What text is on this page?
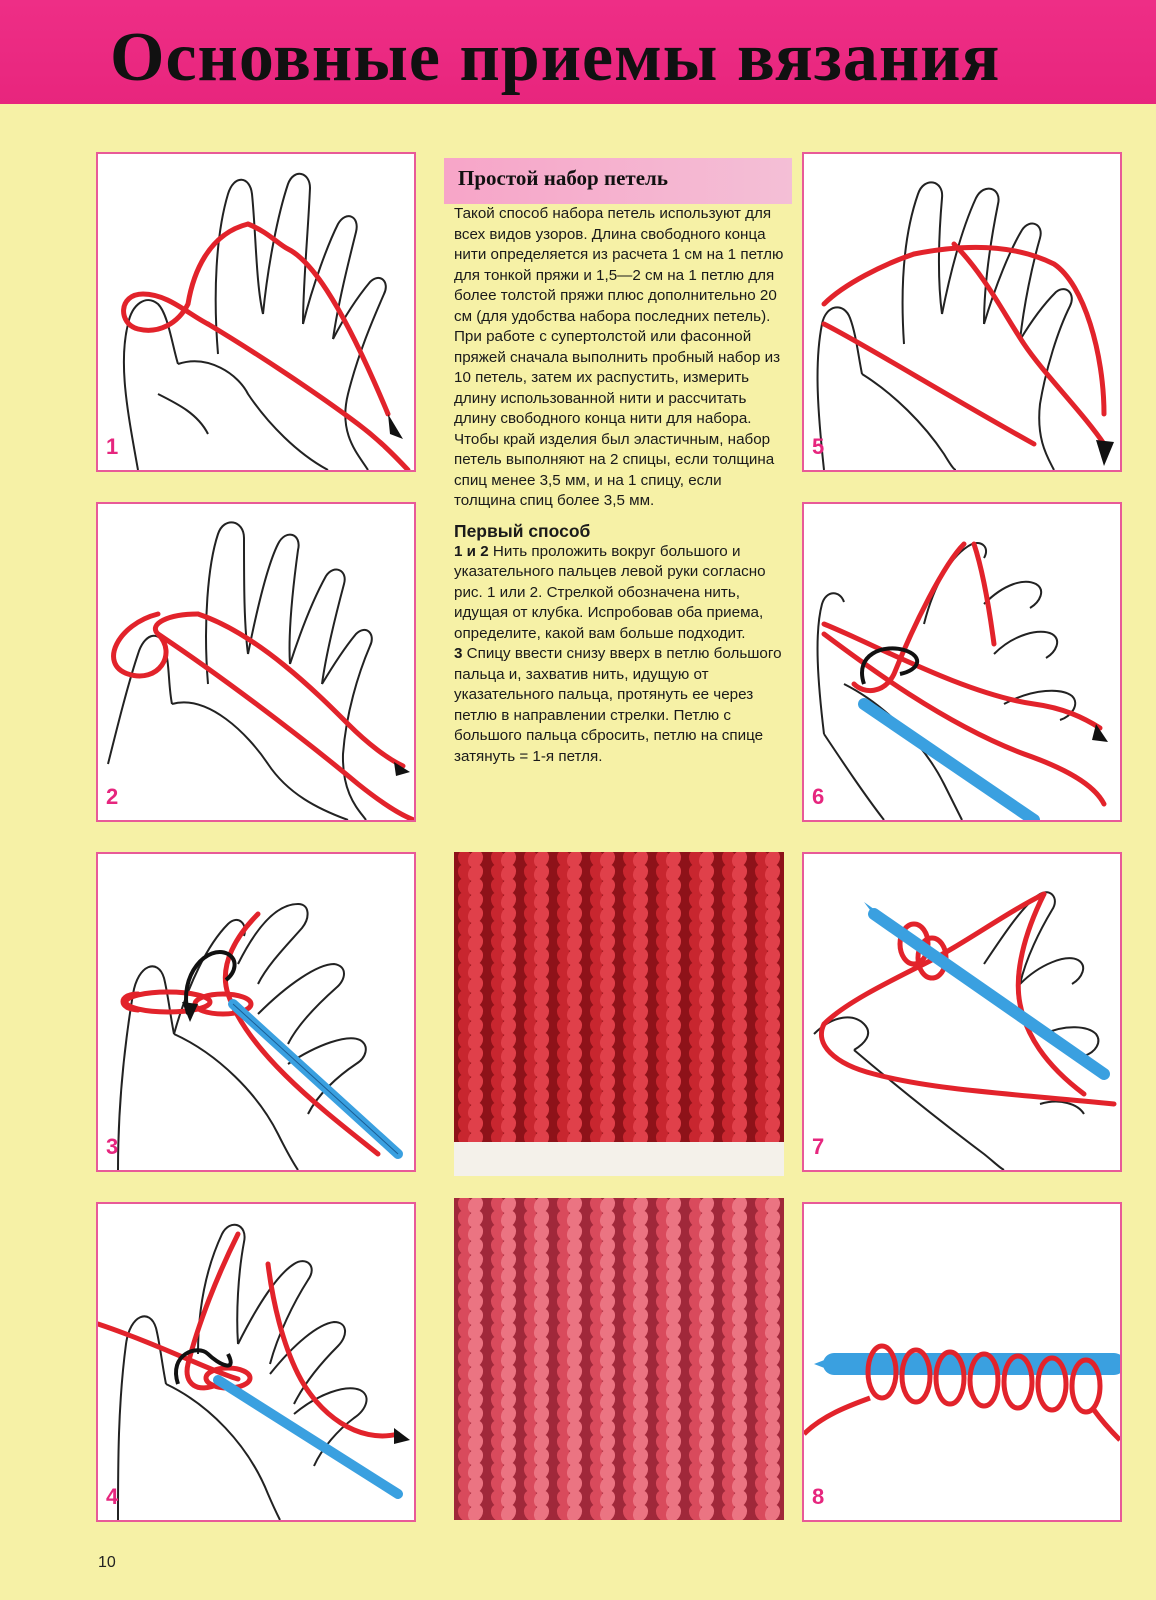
Основные приемы вязания
1
2
3
4
5
6
7
8
Простой набор петель

Такой способ набора петель используют для всех видов узоров. Длина свободного конца нити определяется из расчета 1 см на 1 петлю для тонкой пряжи и 1,5—2 см на 1 петлю для более толстой пряжи плюс дополнительно 20 см (для удобства набора последних петель). При работе с супертолстой или фасонной пряжей сначала выполнить пробный набор из 10 петель, затем их распустить, измерить длину использованной нити и рассчитать длину свободного конца нити для набора.

Чтобы край изделия был эластичным, набор петель выполняют на 2 спицы, если толщина спиц менее 3,5 мм, и на 1 спицу, если толщина спиц более 3,5 мм.

Первый способ

1 и 2 Нить проложить вокруг большого и указательного пальцев левой руки согласно рис. 1 или 2. Стрелкой обозначена нить, идущая от клубка. Испробовав оба приема, определите, какой вам больше подходит.

3 Спицу ввести снизу вверх в петлю большого пальца и, захватив нить, идущую от указательного пальца, протянуть ее через петлю в направлении стрелки. Петлю с большого пальца сбросить, петлю на спице затянуть = 1-я петля.

10
